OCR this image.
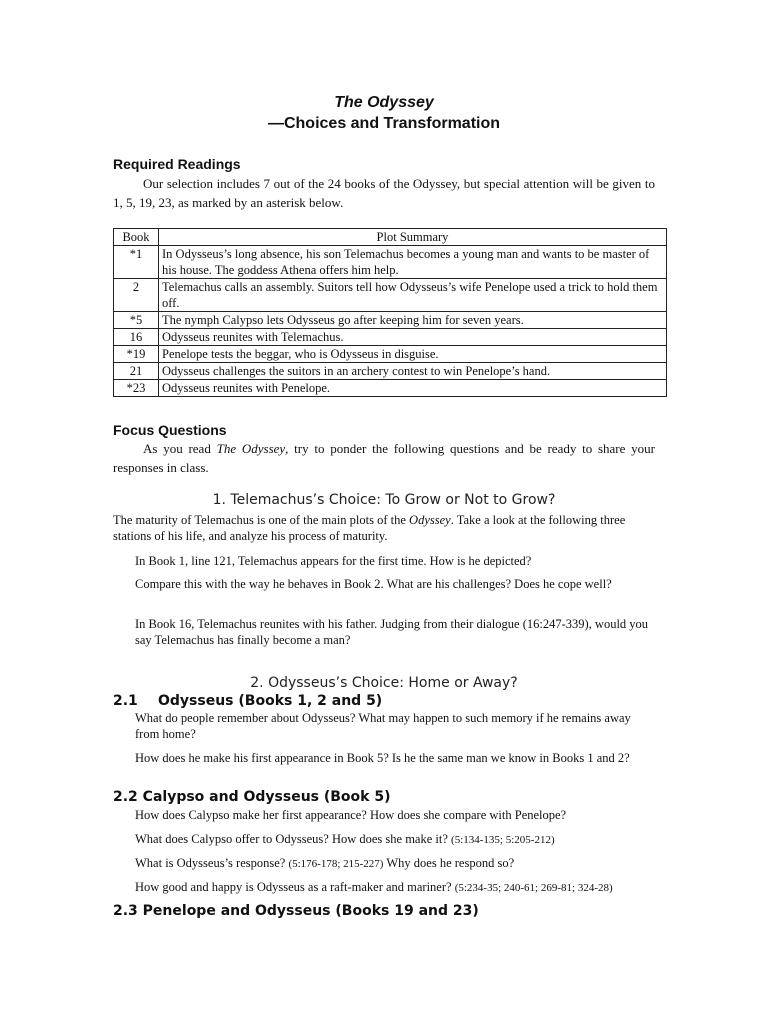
The Odyssey
—Choices and Transformation
Required Readings
Our selection includes 7 out of the 24 books of the Odyssey, but special attention will be given to 1, 5, 19, 23, as marked by an asterisk below.
Book	Plot Summary
*1	In Odysseus’s long absence, his son Telemachus becomes a young man and wants to be master of his house. The goddess Athena offers him help.
2	Telemachus calls an assembly. Suitors tell how Odysseus’s wife Penelope used a trick to hold them off.
*5	The nymph Calypso lets Odysseus go after keeping him for seven years.
16	Odysseus reunites with Telemachus.
*19	Penelope tests the beggar, who is Odysseus in disguise.
21	Odysseus challenges the suitors in an archery contest to win Penelope’s hand.
*23	Odysseus reunites with Penelope.
Focus Questions
As you read The Odyssey, try to ponder the following questions and be ready to share your responses in class.
1. Telemachus’s Choice: To Grow or Not to Grow?
The maturity of Telemachus is one of the main plots of the Odyssey. Take a look at the following three stations of his life, and analyze his process of maturity.
In Book 1, line 121, Telemachus appears for the first time. How is he depicted?
Compare this with the way he behaves in Book 2. What are his challenges? Does he cope well?
In Book 16, Telemachus reunites with his father. Judging from their dialogue (16:247-339), would you say Telemachus has finally become a man?
2. Odysseus’s Choice: Home or Away?
2.1 Odysseus (Books 1, 2 and 5)
What do people remember about Odysseus? What may happen to such memory if he remains away from home?
How does he make his first appearance in Book 5? Is he the same man we know in Books 1 and 2?
2.2 Calypso and Odysseus (Book 5)
How does Calypso make her first appearance? How does she compare with Penelope?
What does Calypso offer to Odysseus? How does she make it? (5:134-135; 5:205-212)
What is Odysseus’s response? (5:176-178; 215-227) Why does he respond so?
How good and happy is Odysseus as a raft-maker and mariner? (5:234-35; 240-61; 269-81; 324-28)
2.3 Penelope and Odysseus (Books 19 and 23)
